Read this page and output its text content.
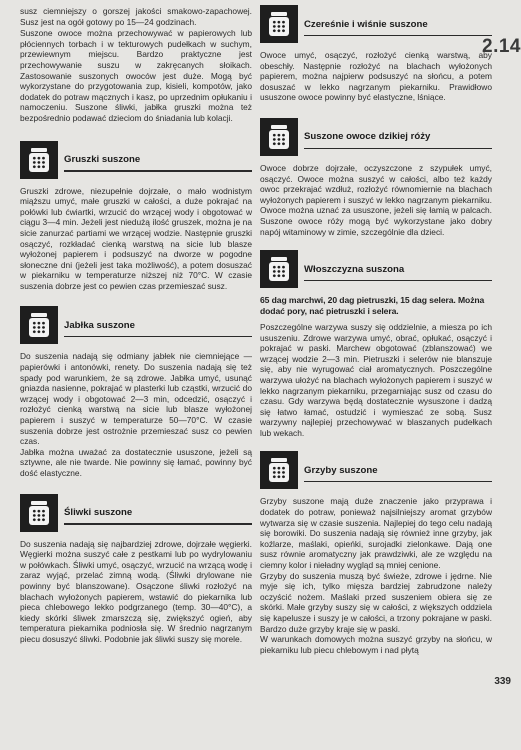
2.14

susz ciemniejszy o gorszej jakości smakowo-zapachowej. Susz jest na ogół gotowy po 15—24 godzinach.

Suszone owoce można przechowywać w papierowych lub płóciennych torbach i w tekturowych pudełkach w suchym, przewiewnym miejscu. Bardzo praktyczne jest przechowywanie suszu w zakręcanych słoikach. Zastosowanie suszonych owoców jest duże. Mogą być wykorzystane do przygotowania zup, kisieli, kompotów, jako dodatek do potraw mącznych i kasz, po uprzednim opłukaniu i namoczeniu. Suszone śliwki, jabłka gruszki można też bezpośrednio podawać dzieciom do śniadania lub kolacji.

Gruszki suszone

Gruszki zdrowe, niezupełnie dojrzałe, o mało wodnistym miąższu umyć, małe gruszki w całości, a duże pokrajać na połówki lub ćwiartki, wrzucić do wrzącej wody i obgotować w ciągu 3—4 min. Jeżeli jest niedużą ilość gruszek, można je na sicie zanurzać partiami we wrzącej wodzie. Następnie gruszki osączyć, rozkładać cienką warstwą na sicie lub blasze wyłożonej papierem i podsuszyć na dworze w pogodne słoneczne dni (jeżeli jest taka możliwość), a potem dosuszać w piekarniku w temperaturze niższej niż 70°C. W czasie suszenia dobrze jest co pewien czas przemieszać susz.

Jabłka suszone

Do suszenia nadają się odmiany jabłek nie ciemniejące — papierówki i antonówki, renety. Do suszenia nadają się też spady pod warunkiem, że są zdrowe. Jabłka umyć, usunąć gniazda nasienne, pokrajać w plasterki lub cząstki, wrzucić do wrzącej wody i obgotować 2—3 min, odcedzić, osączyć i rozłożyć cienką warstwą na sicie lub blasze wyłożonej papierem i suszyć w temperaturze 50—70°C. W czasie suszenia dobrze jest ostrożnie przemieszać susz co pewien czas.

Jabłka można uważać za dostatecznie ususzone, jeżeli są sztywne, ale nie twarde. Nie powinny się łamać, powinny być dość elastyczne.

Śliwki suszone

Do suszenia nadają się najbardziej zdrowe, dojrzałe węgierki. Węgierki można suszyć całe z pestkami lub po wydrylowaniu w połówkach. Śliwki umyć, osączyć, wrzucić na wrzącą wodę i zaraz wyjąć, przelać zimną wodą. (Śliwki drylowane nie powinny być blanszowane). Osączone śliwki rozłożyć na blachach wyłożonych papierem, wstawić do piekarnika lub pieca chlebowego lekko podgrzanego (temp. 30—40°C), a kiedy skórki śliwek zmarszczą się, zwiększyć ogień, aby temperatura piekarnika podniosła się. W średnio nagrzanym piecu dosuszyć śliwki. Podobnie jak śliwki suszy się morele.

Czereśnie i wiśnie suszone

Owoce umyć, osączyć, rozłożyć cienką warstwą, aby obeschły. Następnie rozłożyć na blachach wyłożonych papierem, można najpierw podsuszyć na słońcu, a potem dosuszać w lekko nagrzanym piekarniku. Prawidłowo ususzone owoce powinny być elastyczne, lśniące.

Suszone owoce dzikiej róży

Owoce dobrze dojrzałe, oczyszczone z szypułek umyć, osączyć. Owoce można suszyć w całości, albo też każdy owoc przekrajać wzdłuż, rozłożyć równomiernie na blachach wyłożonych papierem i suszyć w lekko nagrzanym piekarniku. Owoce można uznać za ususzone, jeżeli się łamią w palcach. Suszone owoce róży mogą być wykorzystane jako dobry napój witaminowy w zimie, szczególnie dla dzieci.

Włoszczyzna suszona

65 dag marchwi, 20 dag pietruszki, 15 dag selera. Można dodać pory, nać pietruszki i selera.

Poszczególne warzywa suszy się oddzielnie, a miesza po ich ususzeniu. Zdrowe warzywa umyć, obrać, opłukać, osączyć i pokrajać w paski. Marchew obgotować (zblanszować) we wrzącej wodzie 2—3 min. Pietruszki i selerów nie blanszuje się, aby nie wyrugować ciał aromatycznych. Poszczególne warzywa ułożyć na blachach wyłożonych papierem i suszyć w lekko nagrzanym piekarniku, przegarniając susz od czasu do czasu. Gdy warzywa będą dostatecznie wysuszone i dadzą się łatwo łamać, ostudzić i wymieszać ze sobą. Susz warzywny najlepiej przechowywać w blaszanych pudełkach lub wekach.

Grzyby suszone

Grzyby suszone mają duże znaczenie jako przyprawa i dodatek do potraw, ponieważ najsilniejszy aromat grzybów wytwarza się w czasie suszenia. Najlepiej do tego celu nadają się borowiki. Do suszenia nadają się również inne grzyby, jak koźlarze, maślaki, opieńki, surojadki zielonkawe. Dają one susz równie aromatyczny jak prawdziwki, ale ze względu na ciemny kolor i nieładny wygląd są mniej cenione.

Grzyby do suszenia muszą być świeże, zdrowe i jędrne. Nie myje się ich, tylko mięsza bardziej zabrudzone należy oczyścić nożem. Maślaki przed suszeniem obiera się ze skórki. Małe grzyby suszy się w całości, z większych oddziela się kapelusze i suszy je w całości, a trzony pokrajane w paski. Bardzo duże grzyby kraje się w paski.

W warunkach domowych można suszyć grzyby na słońcu, w piekarniku lub piecu chlebowym i nad płytą

339
